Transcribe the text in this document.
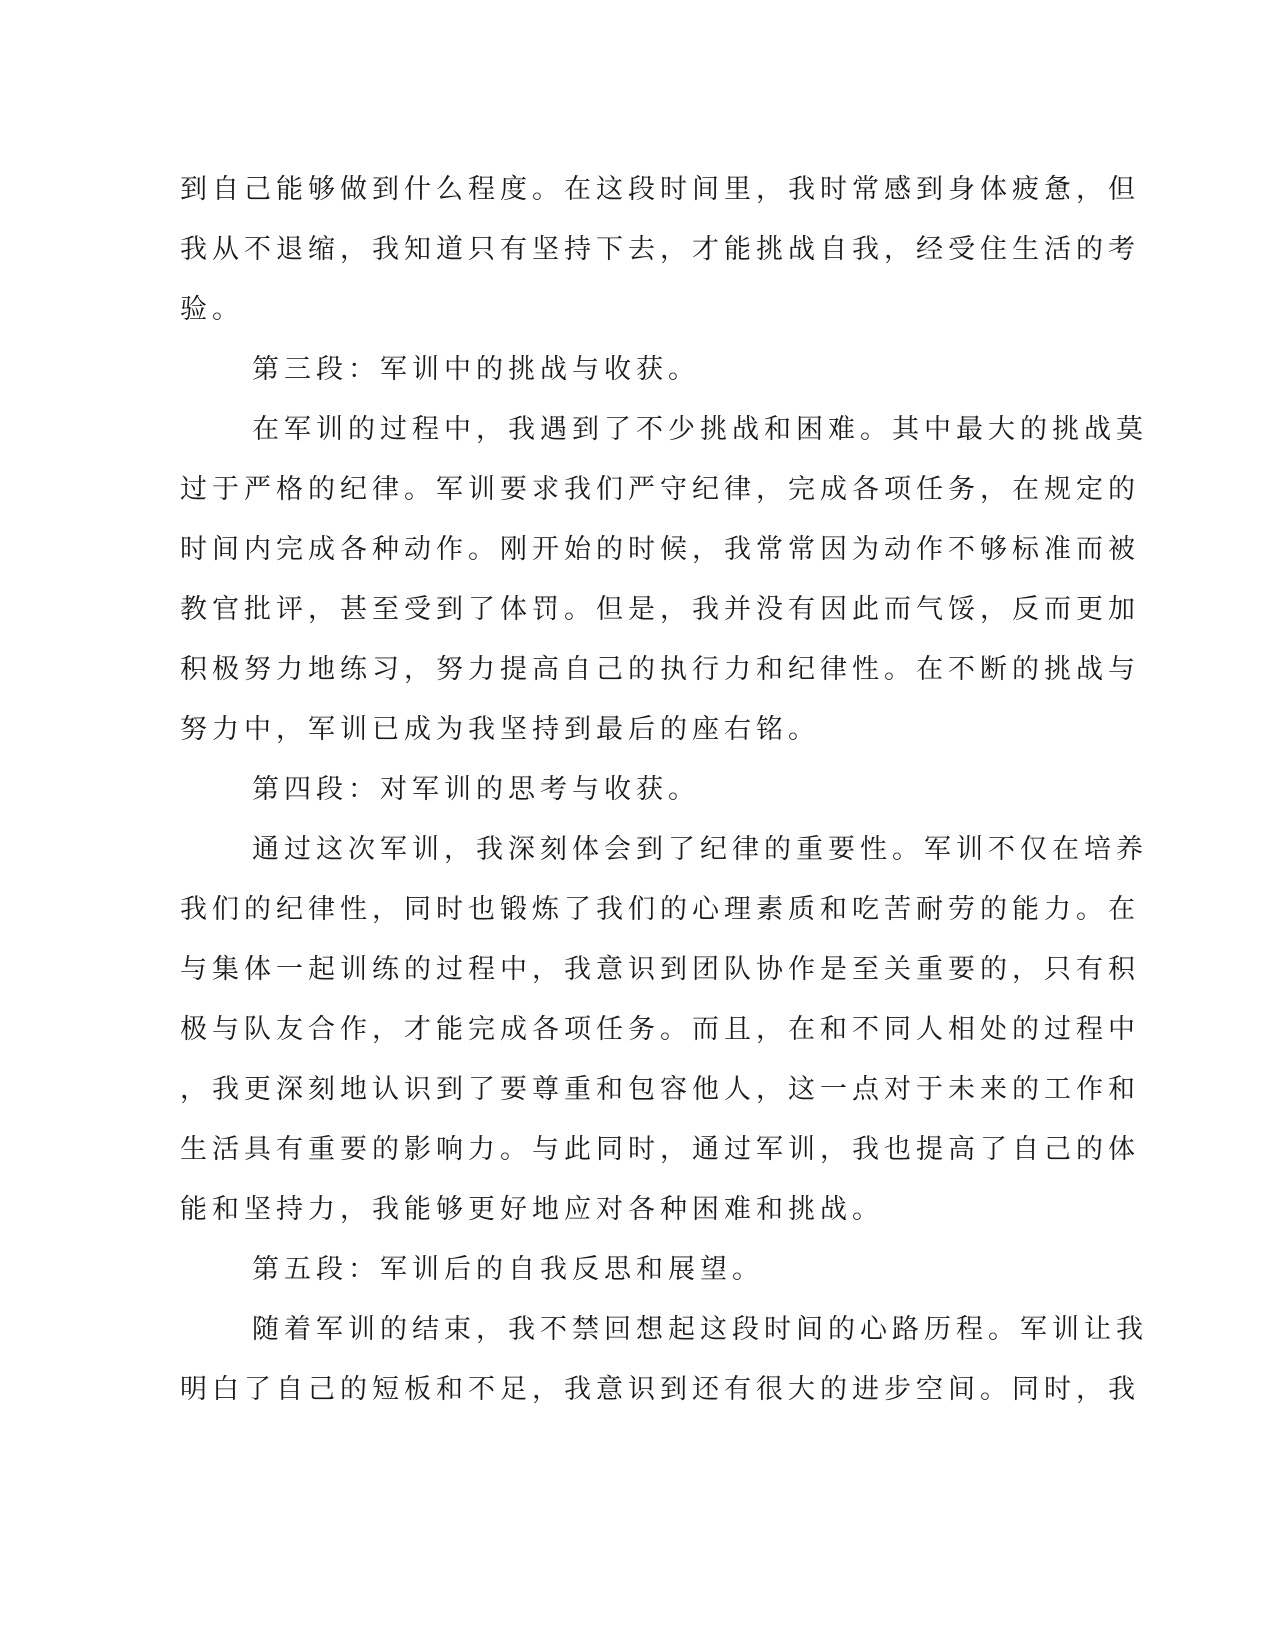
到自己能够做到什么程度。在这段时间里，我时常感到身体疲惫，但
我从不退缩，我知道只有坚持下去，才能挑战自我，经受住生活的考
验。
第三段：军训中的挑战与收获。
在军训的过程中，我遇到了不少挑战和困难。其中最大的挑战莫
过于严格的纪律。军训要求我们严守纪律，完成各项任务，在规定的
时间内完成各种动作。刚开始的时候，我常常因为动作不够标准而被
教官批评，甚至受到了体罚。但是，我并没有因此而气馁，反而更加
积极努力地练习，努力提高自己的执行力和纪律性。在不断的挑战与
努力中，军训已成为我坚持到最后的座右铭。
第四段：对军训的思考与收获。
通过这次军训，我深刻体会到了纪律的重要性。军训不仅在培养
我们的纪律性，同时也锻炼了我们的心理素质和吃苦耐劳的能力。在
与集体一起训练的过程中，我意识到团队协作是至关重要的，只有积
极与队友合作，才能完成各项任务。而且，在和不同人相处的过程中
，我更深刻地认识到了要尊重和包容他人，这一点对于未来的工作和
生活具有重要的影响力。与此同时，通过军训，我也提高了自己的体
能和坚持力，我能够更好地应对各种困难和挑战。
第五段：军训后的自我反思和展望。
随着军训的结束，我不禁回想起这段时间的心路历程。军训让我
明白了自己的短板和不足，我意识到还有很大的进步空间。同时，我
